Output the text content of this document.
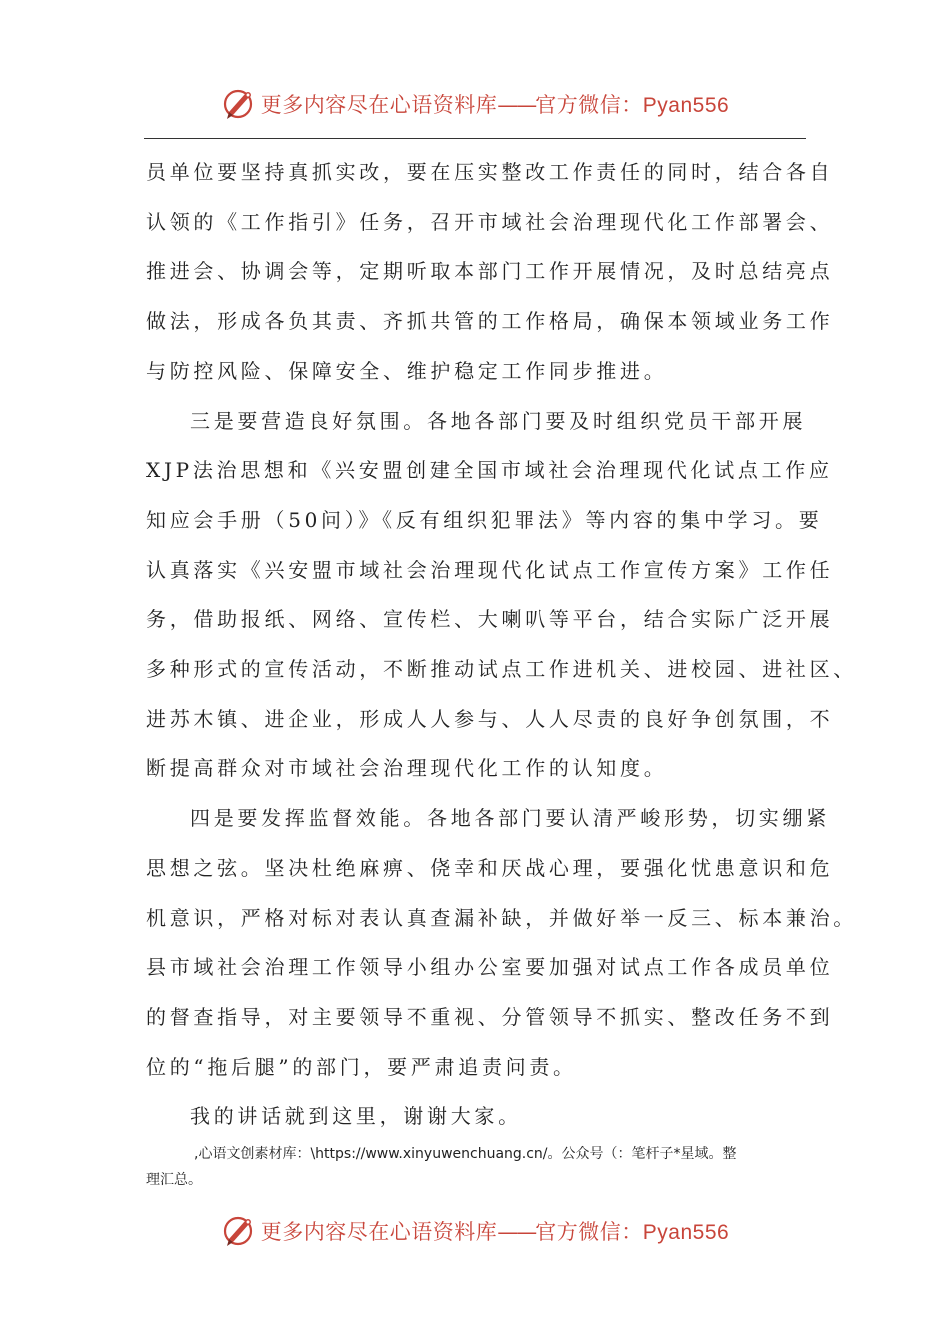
更多内容尽在心语资料库——官方微信：Pyan556

员单位要坚持真抓实改，要在压实整改工作责任的同时，结合各自

认领的《工作指引》任务，召开市域社会治理现代化工作部署会、

推进会、协调会等，定期听取本部门工作开展情况，及时总结亮点

做法，形成各负其责、齐抓共管的工作格局，确保本领域业务工作

与防控风险、保障安全、维护稳定工作同步推进。

三是要营造良好氛围。各地各部门要及时组织党员干部开展

XJP法治思想和《兴安盟创建全国市域社会治理现代化试点工作应

知应会手册（50问）》《反有组织犯罪法》等内容的集中学习。要

认真落实《兴安盟市域社会治理现代化试点工作宣传方案》工作任

务，借助报纸、网络、宣传栏、大喇叭等平台，结合实际广泛开展

多种形式的宣传活动，不断推动试点工作进机关、进校园、进社区、

进苏木镇、进企业，形成人人参与、人人尽责的良好争创氛围，不

断提高群众对市域社会治理现代化工作的认知度。

四是要发挥监督效能。各地各部门要认清严峻形势，切实绷紧

思想之弦。坚决杜绝麻痹、侥幸和厌战心理，要强化忧患意识和危

机意识，严格对标对表认真查漏补缺，并做好举一反三、标本兼治。

县市域社会治理工作领导小组办公室要加强对试点工作各成员单位

的督查指导，对主要领导不重视、分管领导不抓实、整改任务不到

位的“拖后腿”的部门，要严肃追责问责。

我的讲话就到这里，谢谢大家。

,心语文创素材库：\https://www.xinyuwenchuang.cn/。公众号（：笔杆子*星域。整
理汇总。
更多内容尽在心语资料库——官方微信：Pyan556
